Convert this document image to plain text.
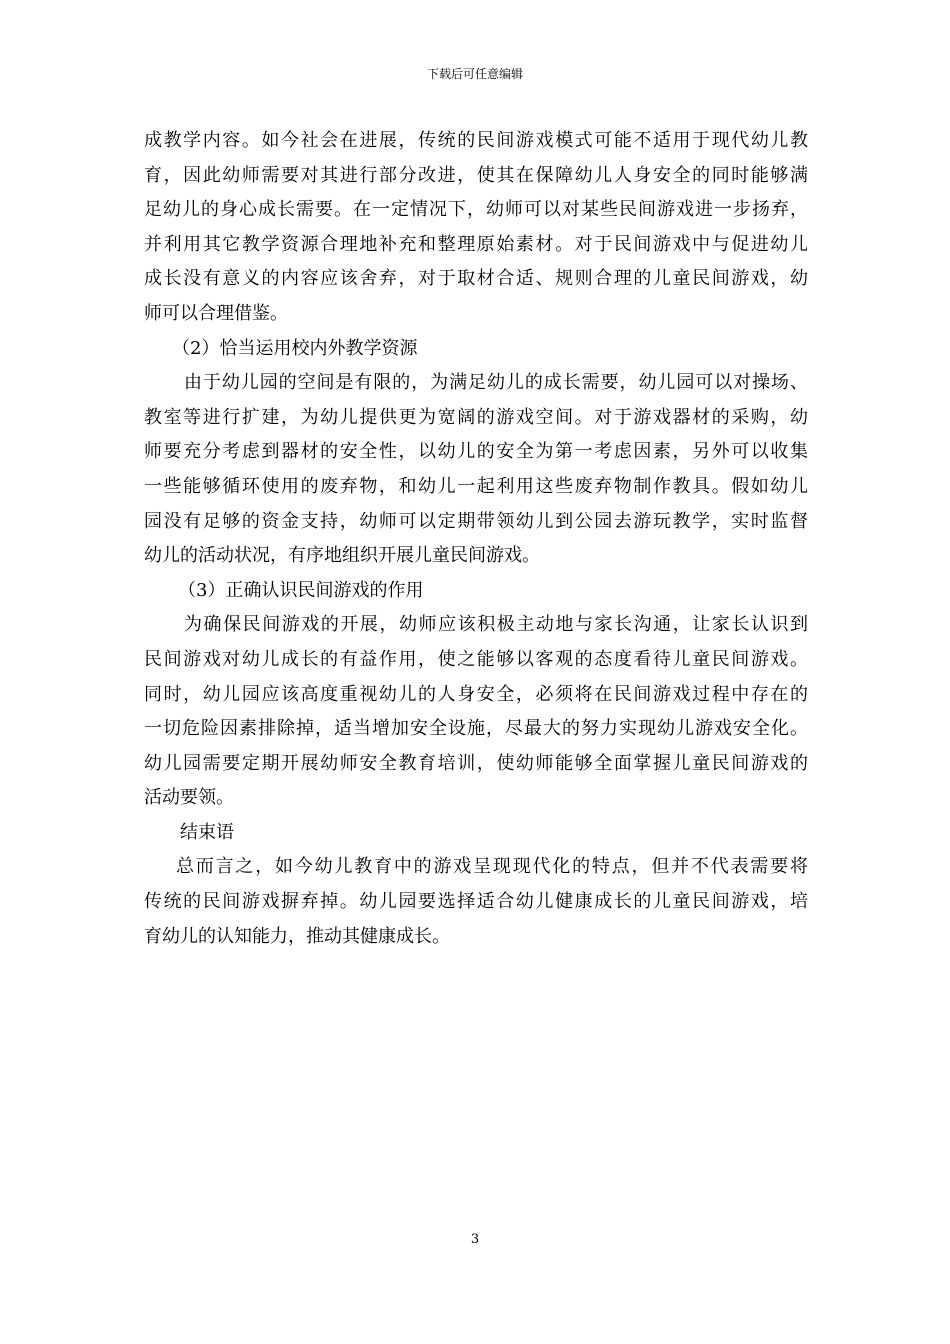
下载后可任意编辑
成教学内容。如今社会在进展，传统的民间游戏模式可能不适用于现代幼儿教
育，因此幼师需要对其进行部分改进，使其在保障幼儿人身安全的同时能够满
足幼儿的身心成长需要。在一定情况下，幼师可以对某些民间游戏进一步扬弃，
并利用其它教学资源合理地补充和整理原始素材。对于民间游戏中与促进幼儿
成长没有意义的内容应该舍弃，对于取材合适、规则合理的儿童民间游戏，幼
师可以合理借鉴。
（2）恰当运用校内外教学资源
由于幼儿园的空间是有限的，为满足幼儿的成长需要，幼儿园可以对操场、
教室等进行扩建，为幼儿提供更为宽阔的游戏空间。对于游戏器材的采购，幼
师要充分考虑到器材的安全性，以幼儿的安全为第一考虑因素，另外可以收集
一些能够循环使用的废弃物，和幼儿一起利用这些废弃物制作教具。假如幼儿
园没有足够的资金支持，幼师可以定期带领幼儿到公园去游玩教学，实时监督
幼儿的活动状况，有序地组织开展儿童民间游戏。
（3）正确认识民间游戏的作用
为确保民间游戏的开展，幼师应该积极主动地与家长沟通，让家长认识到
民间游戏对幼儿成长的有益作用，使之能够以客观的态度看待儿童民间游戏。
同时，幼儿园应该高度重视幼儿的人身安全，必须将在民间游戏过程中存在的
一切危险因素排除掉，适当增加安全设施，尽最大的努力实现幼儿游戏安全化。
幼儿园需要定期开展幼师安全教育培训，使幼师能够全面掌握儿童民间游戏的
活动要领。
结束语
总而言之，如今幼儿教育中的游戏呈现现代化的特点，但并不代表需要将
传统的民间游戏摒弃掉。幼儿园要选择适合幼儿健康成长的儿童民间游戏，培
育幼儿的认知能力，推动其健康成长。
3
